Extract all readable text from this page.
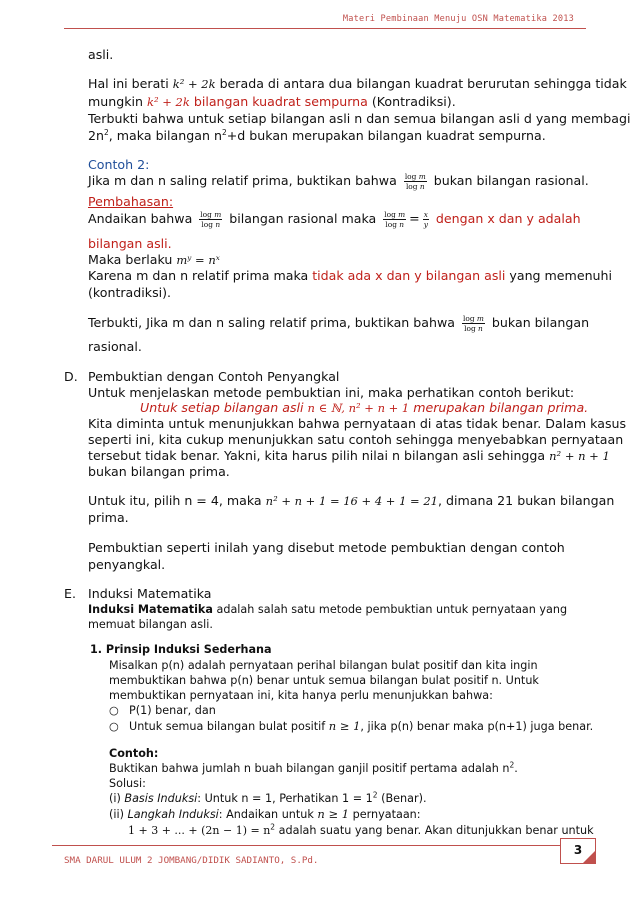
Materi Pembinaan Menuju OSN Matematika 2013
asli.
Hal ini berati k² + 2k berada di antara dua bilangan kuadrat berurutan sehingga tidak
mungkin k² + 2k bilangan kuadrat sempurna (Kontradiksi).
Terbukti bahwa untuk setiap bilangan asli n dan semua bilangan asli d yang membagi
$2n^2$, maka bilangan $n^2+d$ bukan merupakan bilangan kuadrat sempurna.
Contoh 2:
Jika m dan n saling relatif prima, buktikan bahwa $\frac{\text{log m}}{\text{log n}}$ bukan bilangan rasional.
Pembahasan:
Andaikan bahwa $\frac{\text{log m}}{\text{log n}}$ bilangan rasional maka $\frac{\text{log m}}{\text{log n}} = \frac{x}{y}$ dengan x dan y adalah
bilangan asli.
Maka berlaku mʸ = nˣ
Karena m dan n relatif prima maka tidak ada x dan y bilangan asli yang memenuhi
(kontradiksi).
Terbukti, Jika m dan n saling relatif prima, buktikan bahwa $\frac{\text{log m}}{\text{log n}}$ bukan bilangan
rasional.
D. Pembuktian dengan Contoh Penyangkal
Untuk menjelaskan metode pembuktian ini, maka perhatikan contoh berikut:
Untuk setiap bilangan asli n ∈ ℕ, n² + n + 1 merupakan bilangan prima.
Kita diminta untuk menunjukkan bahwa pernyataan di atas tidak benar. Dalam kasus
seperti ini, kita cukup menunjukkan satu contoh sehingga menyebabkan pernyataan
tersebut tidak benar. Yakni, kita harus pilih nilai n bilangan asli sehingga n² + n + 1
bukan bilangan prima.
Untuk itu, pilih n = 4, maka n² + n + 1 = 16 + 4 + 1 = 21, dimana 21 bukan bilangan
prima.
Pembuktian seperti inilah yang disebut metode pembuktian dengan contoh
penyangkal.
E. Induksi Matematika
Induksi Matematika adalah salah satu metode pembuktian untuk pernyataan yang
memuat bilangan asli.
1. Prinsip Induksi Sederhana
Misalkan p(n) adalah pernyataan perihal bilangan bulat positif dan kita ingin
membuktikan bahwa p(n) benar untuk semua bilangan bulat positif n. Untuk
membuktikan pernyataan ini, kita hanya perlu menunjukkan bahwa:
○ P(1) benar, dan
○ Untuk semua bilangan bulat positif n ≥ 1, jika p(n) benar maka p(n+1) juga benar.
Contoh:
Buktikan bahwa jumlah n buah bilangan ganjil positif pertama adalah $n^2$.
Solusi:
(i) Basis Induksi: Untuk n = 1, Perhatikan $1 = 1^2$ (Benar).
(ii) Langkah Induksi: Andaikan untuk n ≥ 1 pernyataan:
1 + 3 + ... + $(2n - 1) = n^2$ adalah suatu yang benar. Akan ditunjukkan benar untuk
3
SMA DARUL ULUM 2 JOMBANG/DIDIK SADIANTO, S.Pd.
